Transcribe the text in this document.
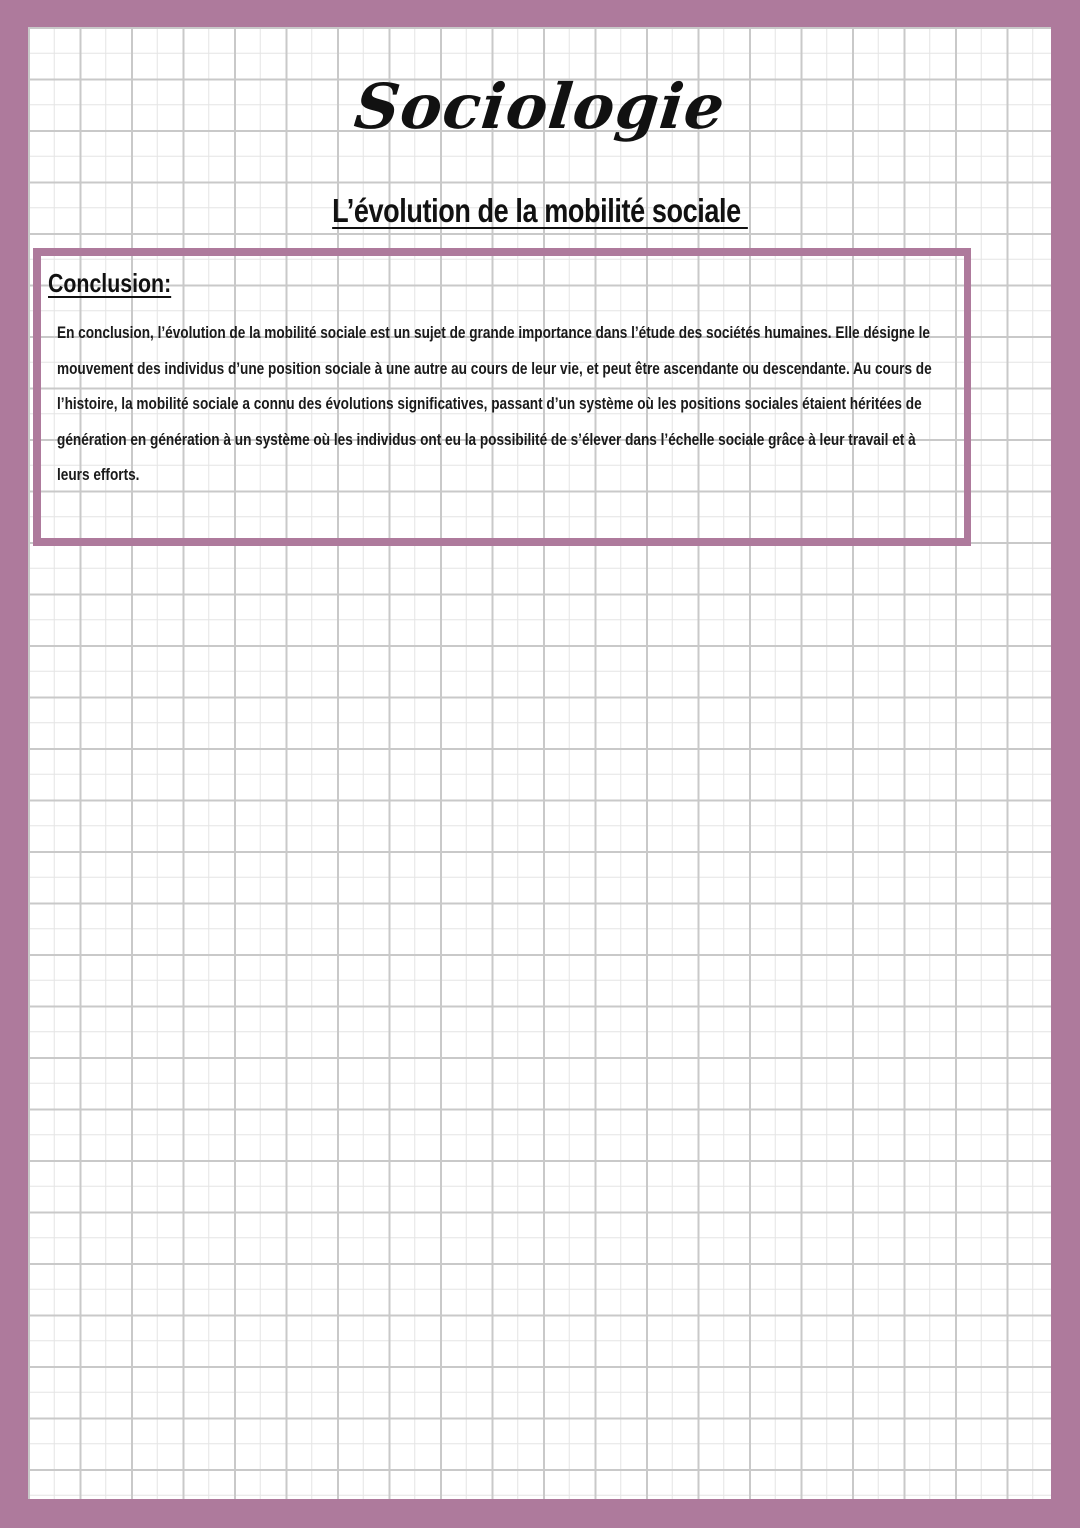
Sociologie
L’évolution de la mobilité sociale
Conclusion:
En conclusion, l’évolution de la mobilité sociale est un sujet de grande importance dans l’étude des sociétés humaines. Elle désigne le
mouvement des individus d’une position sociale à une autre au cours de leur vie, et peut être ascendante ou descendante. Au cours de
l’histoire, la mobilité sociale a connu des évolutions significatives, passant d’un système où les positions sociales étaient héritées de
génération en génération à un système où les individus ont eu la possibilité de s’élever dans l’échelle sociale grâce à leur travail et à
leurs efforts.
